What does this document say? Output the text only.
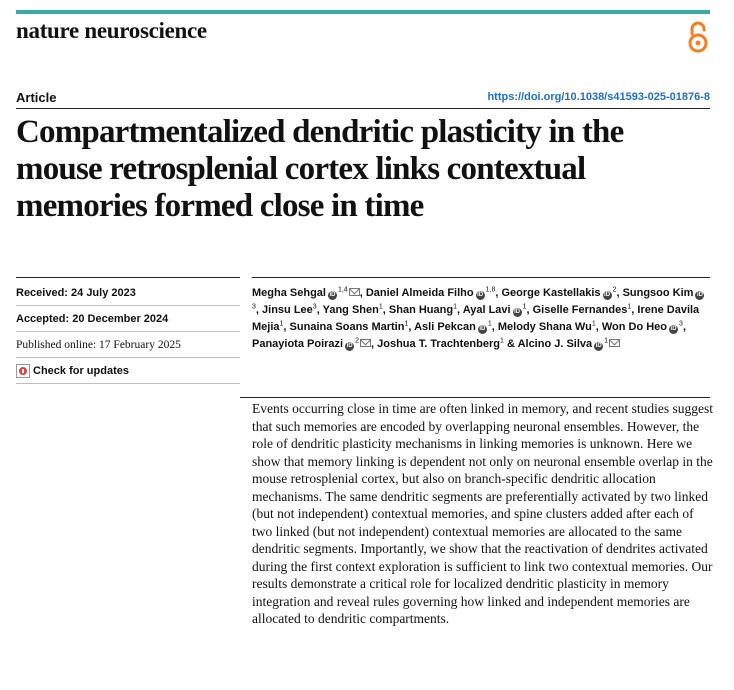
nature neuroscience
Article	https://doi.org/10.1038/s41593-025-01876-8
Compartmentalized dendritic plasticity in the mouse retrosplenial cortex links contextual memories formed close in time
Received: 24 July 2023
Accepted: 20 December 2024
Published online: 17 February 2025
Check for updates

Megha Sehgal iD$^{1,4}$ , Daniel Almeida Filho iD$^{1,8}$, George Kastellakis $iD^2$, Sungsoo Kim $iD^3$, Jinsu Lee$^3$, Yang Shen$^1$, Shan Huang$^1$, Ayal Lavi $iD^1$, Giselle Fernandes$^1$, Irene Davila Mejia$^1$, Sunaina Soans Martin$^1$, Asli Pekcan $iD^1$, Melody Shana Wu$^1$, Won Do Heo $iD^3$, Panayiota Poirazi $iD^2$ , Joshua T. Trachtenberg$^1$ & Alcino J. Silva $iD^1$

Events occurring close in time are often linked in memory, and recent studies suggest that such memories are encoded by overlapping neuronal ensembles. However, the role of dendritic plasticity mechanisms in linking memories is unknown. Here we show that memory linking is dependent not only on neuronal ensemble overlap in the mouse retrosplenial cortex, but also on branch-specific dendritic allocation mechanisms. The same dendritic segments are preferentially activated by two linked (but not independent) contextual memories, and spine clusters added after each of two linked (but not independent) contextual memories are allocated to the same dendritic segments. Importantly, we show that the reactivation of dendrites activated during the first context exploration is sufficient to link two contextual memories. Our results demonstrate a critical role for localized dendritic plasticity in memory integration and reveal rules governing how linked and independent memories are allocated to dendritic compartments.
